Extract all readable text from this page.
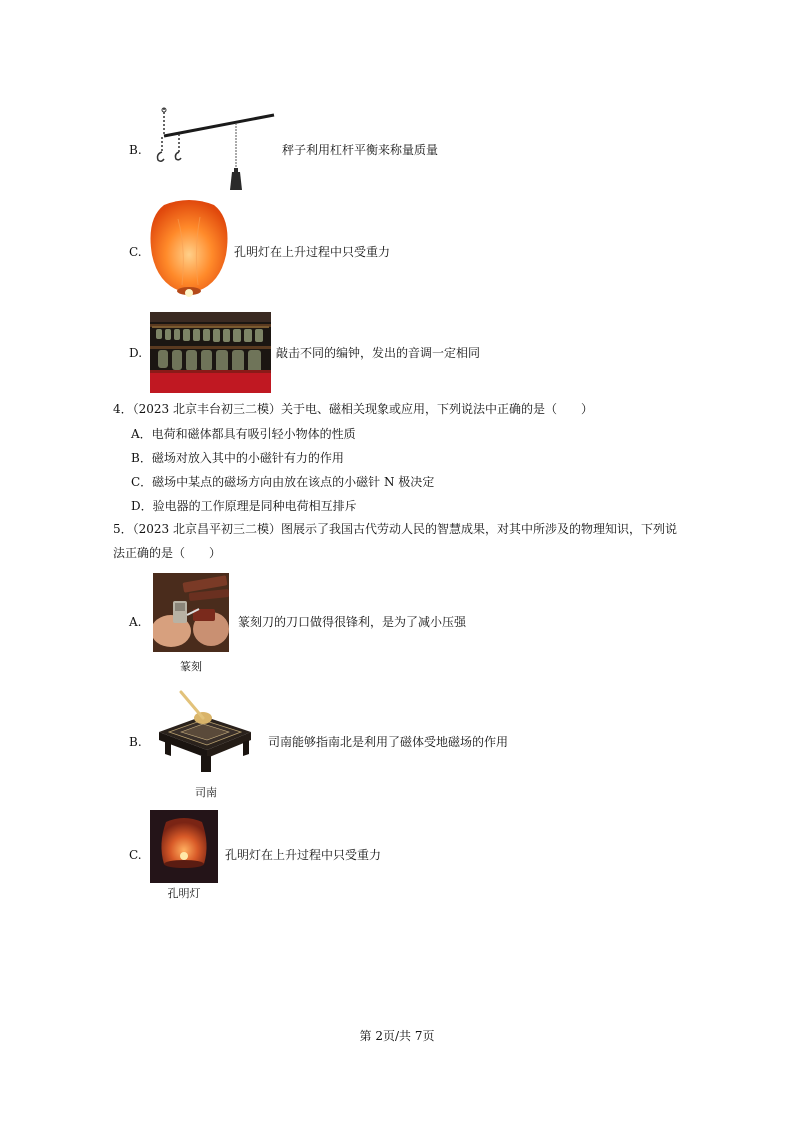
B.	秤子利用杠杆平衡来称量质量
C.	孔明灯在上升过程中只受重力
D.	敲击不同的编钟，发出的音调一定相同
4．（2023 北京丰台初三二模）关于电、磁相关现象或应用，下列说法中正确的是（　　）
A．电荷和磁体都具有吸引轻小物体的性质
B．磁场对放入其中的小磁针有力的作用
C．磁场中某点的磁场方向由放在该点的小磁针 N 极决定
D．验电器的工作原理是同种电荷相互排斥
5．（2023 北京昌平初三二模）图展示了我国古代劳动人民的智慧成果，对其中所涉及的物理知识，下列说
法正确的是（　　）
A.	篆刻刀的刀口做得很锋利，是为了减小压强
篆刻
B.	司南能够指南北是利用了磁体受地磁场的作用
司南
C.	孔明灯在上升过程中只受重力
孔明灯
第 2页/共 7页
